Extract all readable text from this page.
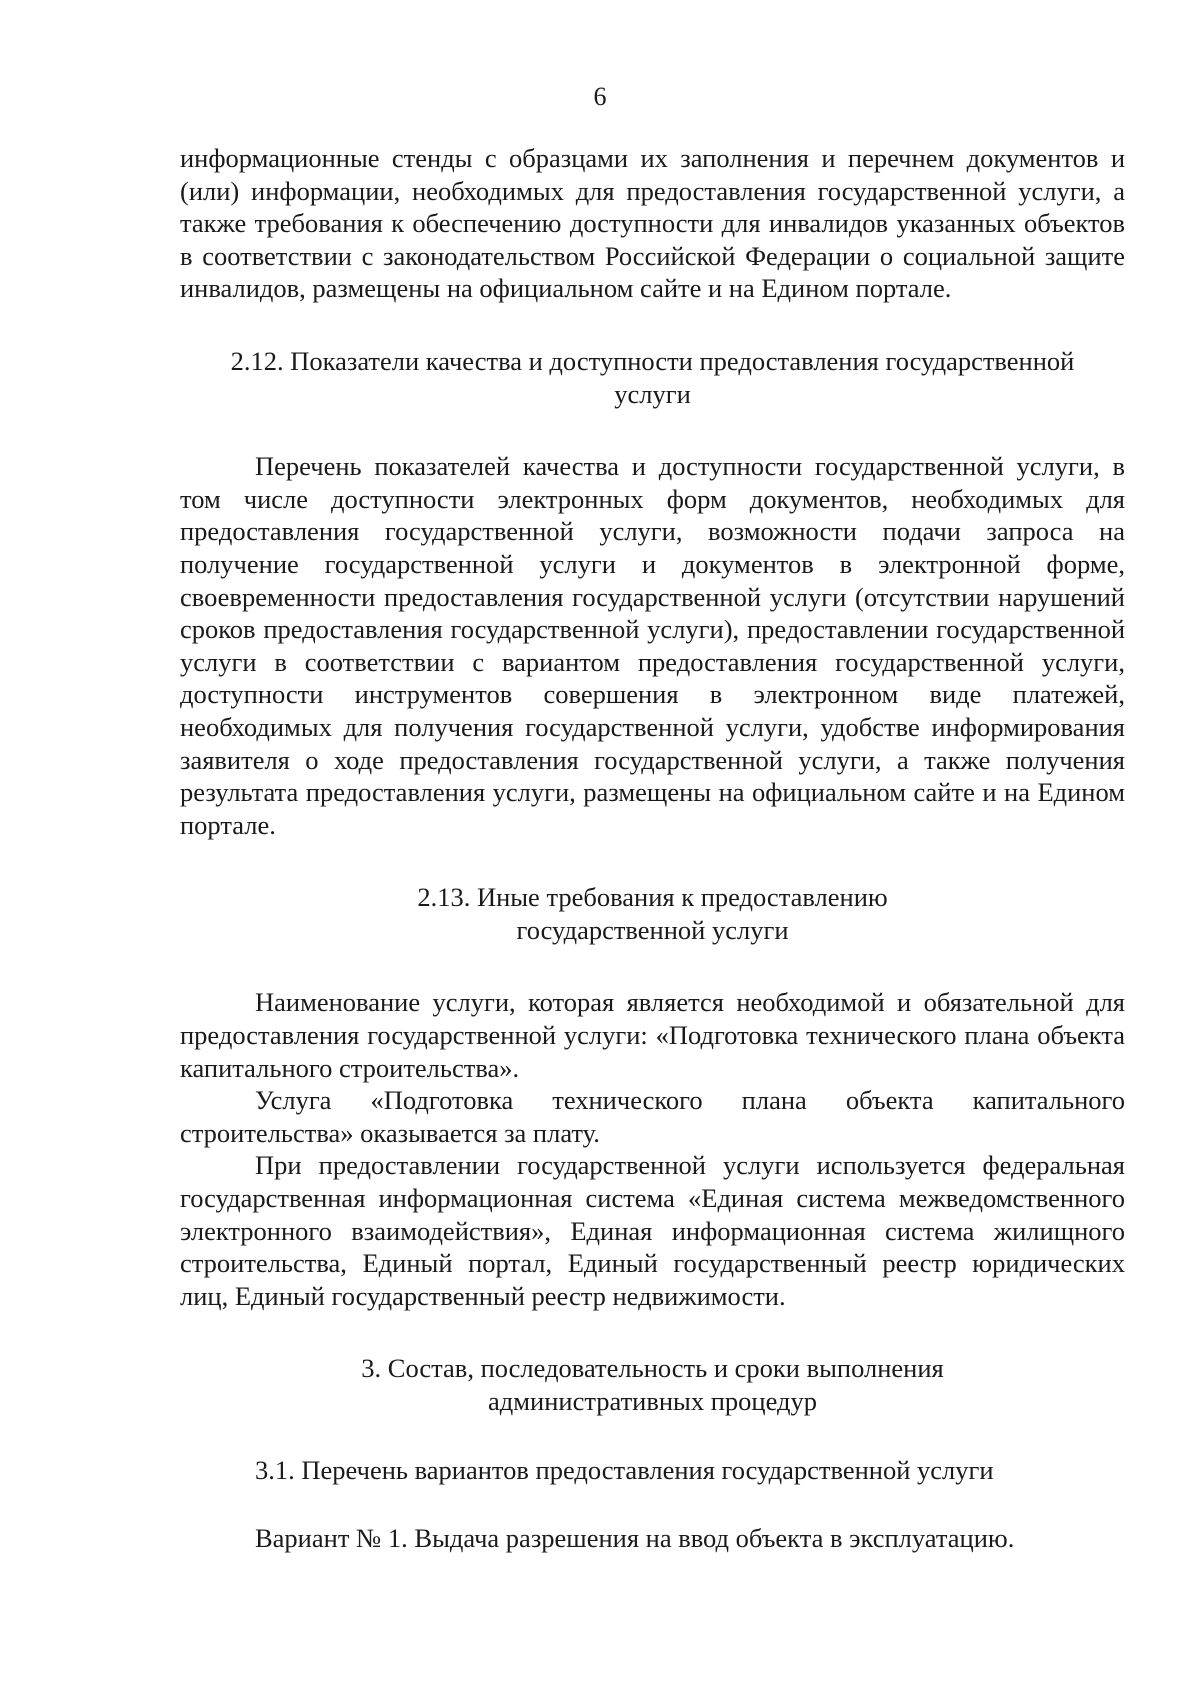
6

информационные стенды с образцами их заполнения и перечнем документов и (или) информации, необходимых для предоставления государственной услуги, а также требования к обеспечению доступности для инвалидов указанных объектов в соответствии с законодательством Российской Федерации о социальной защите инвалидов, размещены на официальном сайте и на Едином портале.

2.12. Показатели качества и доступности предоставления государственной

услуги

Перечень показателей качества и доступности государственной услуги, в том числе доступности электронных форм документов, необходимых для предоставления государственной услуги, возможности подачи запроса на получение государственной услуги и документов в электронной форме, своевременности предоставления государственной услуги (отсутствии нарушений сроков предоставления государственной услуги), предоставлении государственной услуги в соответствии с вариантом предоставления государственной услуги, доступности инструментов совершения в электронном виде платежей, необходимых для получения государственной услуги, удобстве информирования заявителя о ходе предоставления государственной услуги, а также получения результата предоставления услуги, размещены на официальном сайте и на Едином портале.

2.13. Иные требования к предоставлению

государственной услуги

Наименование услуги, которая является необходимой и обязательной для предоставления государственной услуги: «Подготовка технического плана объекта капитального строительства».

Услуга «Подготовка технического плана объекта капитального строительства» оказывается за плату.

При предоставлении государственной услуги используется федеральная государственная информационная система «Единая система межведомственного электронного взаимодействия», Единая информационная система жилищного строительства, Единый портал, Единый государственный реестр юридических лиц, Единый государственный реестр недвижимости.

3. Состав, последовательность и сроки выполнения

административных процедур

3.1. Перечень вариантов предоставления государственной услуги

Вариант № 1. Выдача разрешения на ввод объекта в эксплуатацию.
